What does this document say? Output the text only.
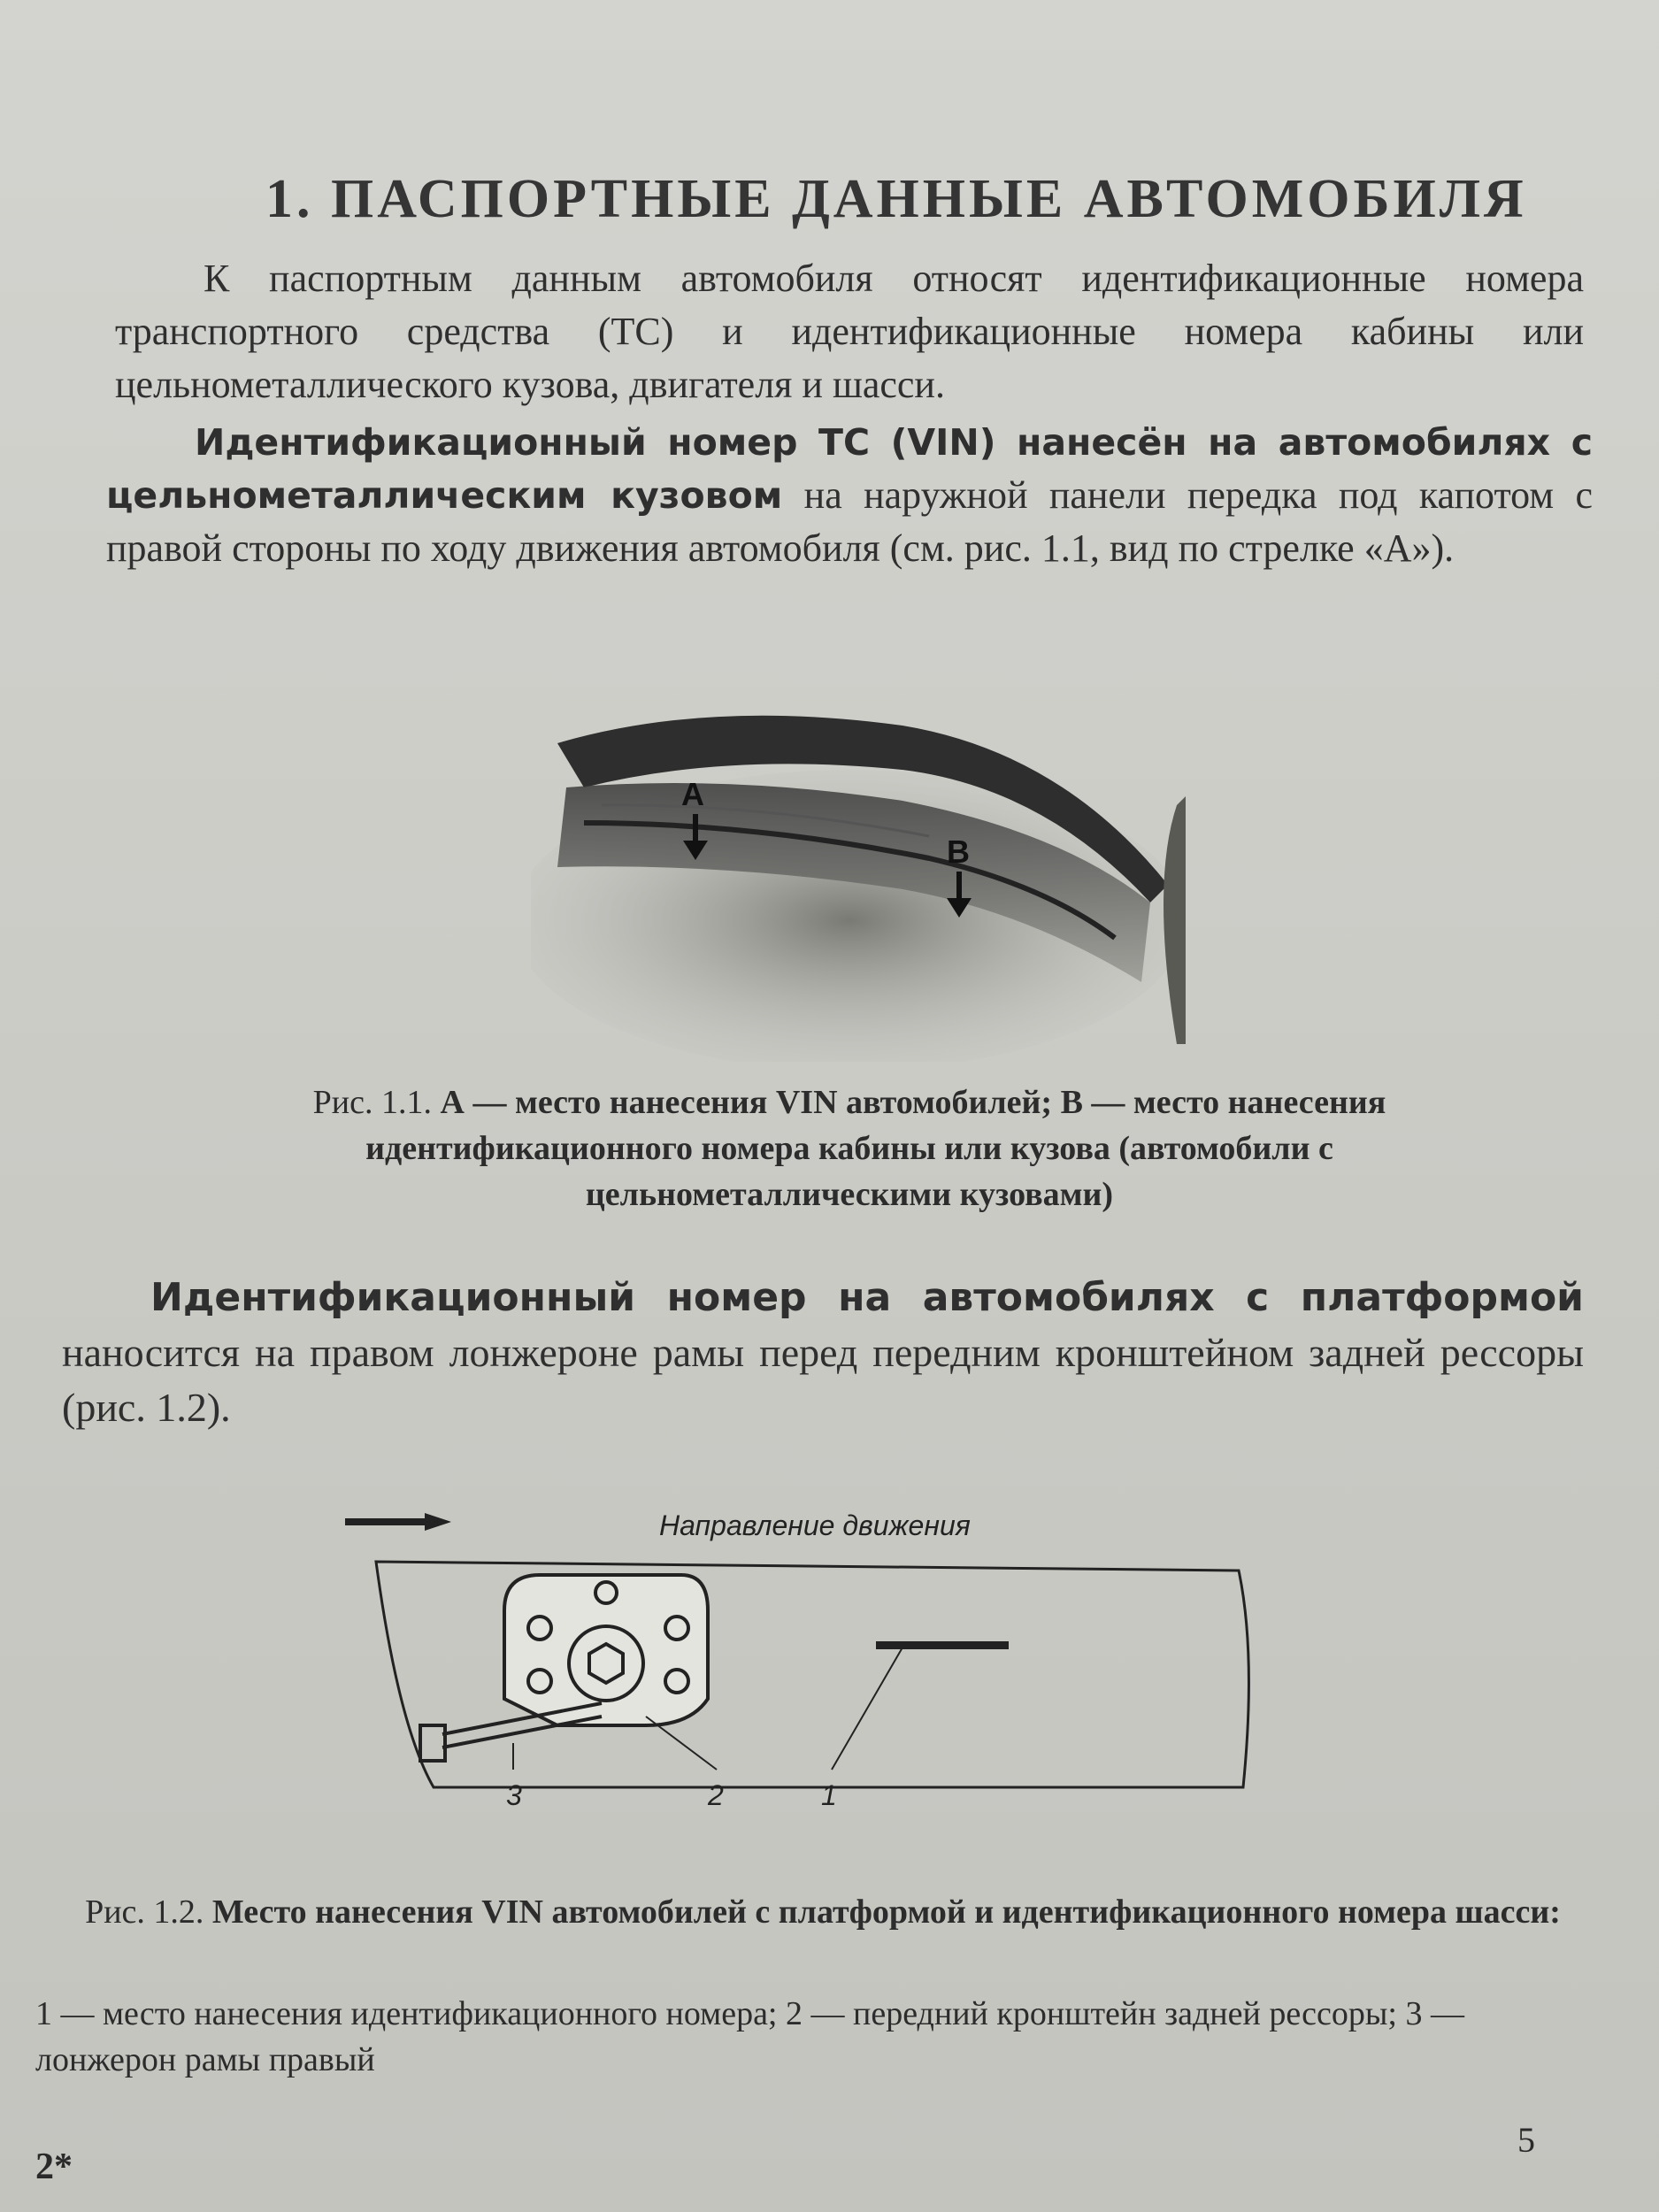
1. ПАСПОРТНЫЕ ДАННЫЕ АВТОМОБИЛЯ
К паспортным данным автомобиля относят идентификационные номера транспортного средства (ТС) и идентификационные номера кабины или цельнометаллического кузова, двигателя и шасси.
Идентификационный номер ТС (VIN) нанесён на автомобилях с цельнометаллическим кузовом на наружной панели передка под капотом с правой стороны по ходу движения автомобиля (см. рис. 1.1, вид по стрелке «А»).
A
B
Рис. 1.1. А — место нанесения VIN автомобилей; В — место нанесения идентификационного номера кабины или кузова (автомобили с цельнометаллическими кузовами)
Идентификационный номер на автомобилях с платформой наносится на правом лонжероне рамы перед передним кронштейном задней рессоры (рис. 1.2).
Направление движения
1
2
3
Рис. 1.2. Место нанесения VIN автомобилей с платформой и идентификационного номера шасси:
1 — место нанесения идентификационного номера; 2 — передний кронштейн задней рессоры; 3 — лонжерон рамы правый
5
2*
